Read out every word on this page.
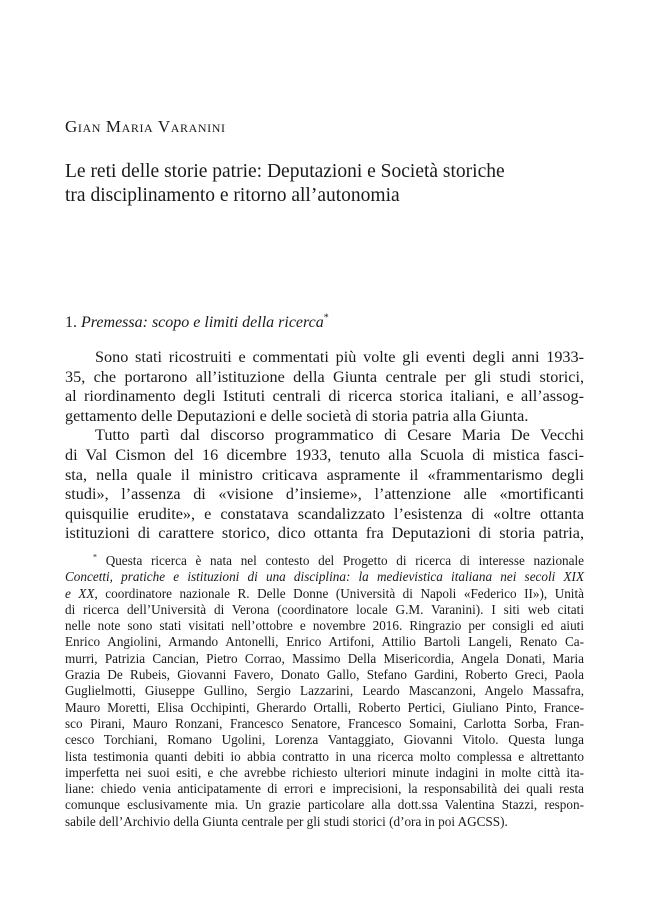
Gian Maria Varanini
Le reti delle storie patrie: Deputazioni e Società storiche
tra disciplinamento e ritorno all’autonomia
1. Premessa: scopo e limiti della ricerca*

Sono stati ricostruiti e commentati più volte gli eventi degli anni 1933-
35, che portarono all’istituzione della Giunta centrale per gli studi storici,
al riordinamento degli Istituti centrali di ricerca storica italiani, e all’assog-
gettamento delle Deputazioni e delle società di storia patria alla Giunta.

Tutto partì dal discorso programmatico di Cesare Maria De Vecchi
di Val Cismon del 16 dicembre 1933, tenuto alla Scuola di mistica fasci-
sta, nella quale il ministro criticava aspramente il «frammentarismo degli
studi», l’assenza di «visione d’insieme», l’attenzione alle «mortificanti
quisquilie erudite», e constatava scandalizzato l’esistenza di «oltre ottanta
istituzioni di carattere storico, dico ottanta fra Deputazioni di storia patria,

* Questa ricerca è nata nel contesto del Progetto di ricerca di interesse nazionale
Concetti, pratiche e istituzioni di una disciplina: la medievistica italiana nei secoli XIX
e XX, coordinatore nazionale R. Delle Donne (Università di Napoli «Federico II»), Unità
di ricerca dell’Università di Verona (coordinatore locale G.M. Varanini). I siti web citati
nelle note sono stati visitati nell’ottobre e novembre 2016. Ringrazio per consigli ed aiuti
Enrico Angiolini, Armando Antonelli, Enrico Artifoni, Attilio Bartoli Langeli, Renato Ca-
murri, Patrizia Cancian, Pietro Corrao, Massimo Della Misericordia, Angela Donati, Maria
Grazia De Rubeis, Giovanni Favero, Donato Gallo, Stefano Gardini, Roberto Greci, Paola
Guglielmotti, Giuseppe Gullino, Sergio Lazzarini, Leardo Mascanzoni, Angelo Massafra,
Mauro Moretti, Elisa Occhipinti, Gherardo Ortalli, Roberto Pertici, Giuliano Pinto, France-
sco Pirani, Mauro Ronzani, Francesco Senatore, Francesco Somaini, Carlotta Sorba, Fran-
cesco Torchiani, Romano Ugolini, Lorenza Vantaggiato, Giovanni Vitolo. Questa lunga
lista testimonia quanti debiti io abbia contratto in una ricerca molto complessa e altrettanto
imperfetta nei suoi esiti, e che avrebbe richiesto ulteriori minute indagini in molte città ita-
liane: chiedo venia anticipatamente di errori e imprecisioni, la responsabilità dei quali resta
comunque esclusivamente mia. Un grazie particolare alla dott.ssa Valentina Stazzi, respon-
sabile dell’Archivio della Giunta centrale per gli studi storici (d’ora in poi AGCSS).
